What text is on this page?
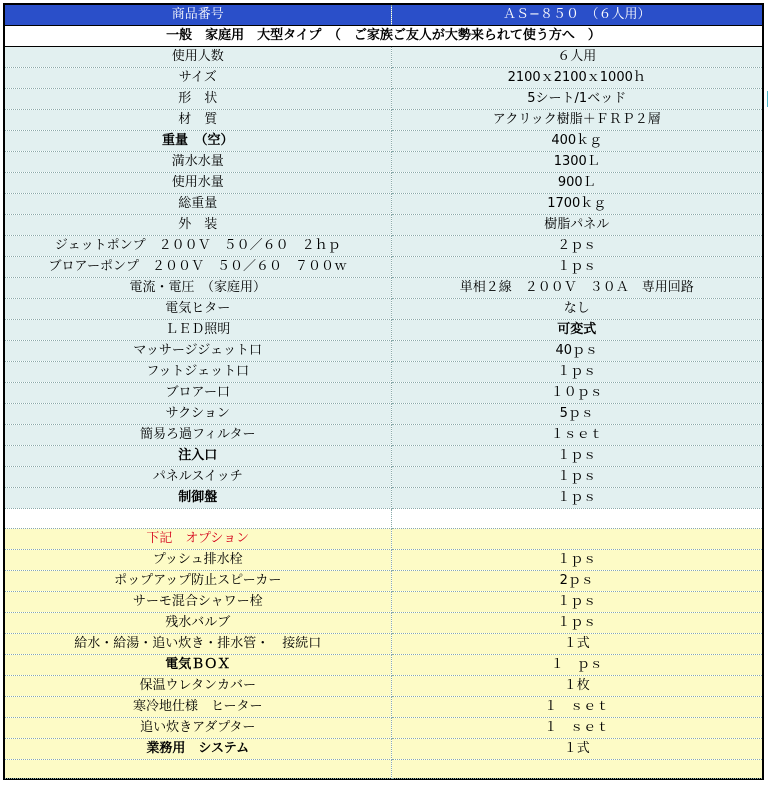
商品番号	ＡＳ−８５０　（６人用）
一般　家庭用　大型タイプ　（　ご家族ご友人が大勢来られて使う方へ　）	
使用人数	６人用
サイズ	2100ｘ2100ｘ1000ｈ
形　状	5シート/1ベッド
材　質	アクリック樹脂＋ＦＲＰ２層
重量　（空）	400ｋｇ
満水水量	1300Ｌ
使用水量	900Ｌ
総重量	1700ｋｇ
外　装	樹脂パネル
ジェットポンプ　２００Ｖ　５０／６０　２ｈｐ	２ｐｓ
ブロアーポンプ　２００Ｖ　５０／６０　７００ｗ	１ｐｓ
電流・電圧　（家庭用）	単相２線　２００Ｖ　３０Ａ　専用回路
電気ヒター	なし
ＬＥＤ照明	可変式
マッサージジェット口	40ｐｓ
フットジェット口	１ｐｓ
ブロアー口	１０ｐｓ
サクション	5ｐｓ
簡易ろ過フィルター	１ｓｅｔ
注入口	１ｐｓ
パネルスイッチ	１ｐｓ
制御盤	１ｐｓ

下記　オプション	
プッシュ排水栓	１ｐｓ
ポップアップ防止スピーカー	2ｐｓ
サーモ混合シャワー栓	１ｐｓ
残水バルブ	１ｐｓ
給水・給湯・追い炊き・排水管・　接続口	１式
電気ＢＯＸ	１　ｐｓ
保温ウレタンカバー	１枚
寒冷地仕様　ヒーター	１　ｓｅｔ
追い炊きアダプター	１　ｓｅｔ
業務用　システム	１式
